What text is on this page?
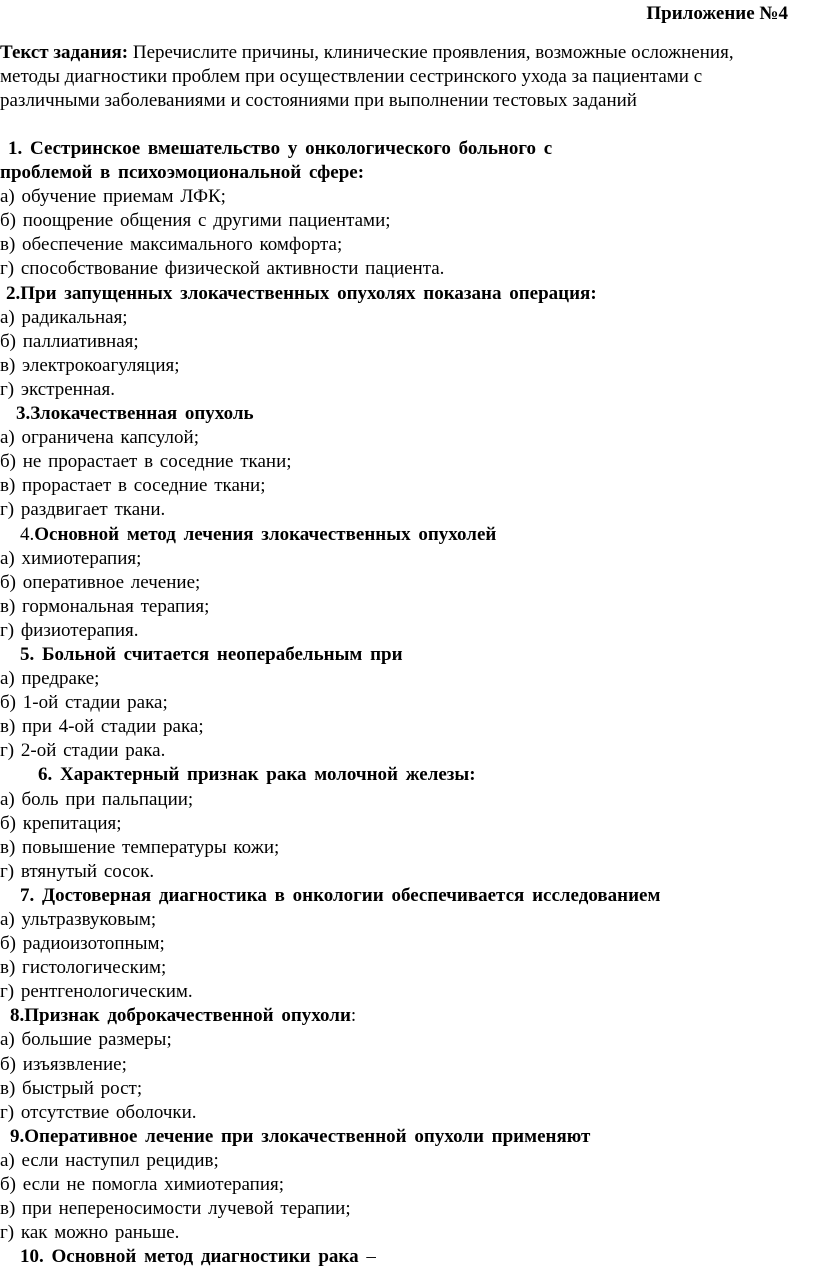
Приложение №4
Текст задания: Перечислите причины, клинические проявления, возможные осложнения, методы диагностики проблем при осуществлении сестринского ухода за пациентами с различными заболеваниями и состояниями при выполнении тестовых заданий
1. Сестринское вмешательство у онкологического больного с
проблемой в психоэмоциональной сфере:
а) обучение приемам ЛФК;
б) поощрение общения с другими пациентами;
в) обеспечение максимального комфорта;
г) способствование физической активности пациента.
2.При запущенных злокачественных опухолях показана операция:
а) радикальная;
б) паллиативная;
в) электрокоагуляция;
г) экстренная.
3.Злокачественная опухоль
а) ограничена капсулой;
б) не прорастает в соседние ткани;
в) прорастает в соседние ткани;
г) раздвигает ткани.
4.Основной метод лечения злокачественных опухолей
а) химиотерапия;
б) оперативное лечение;
в) гормональная терапия;
г) физиотерапия.
5. Больной считается неоперабельным при
а) предраке;
б) 1-ой стадии рака;
в) при 4-ой стадии рака;
г) 2-ой стадии рака.
6. Характерный признак рака молочной железы:
а) боль при пальпации;
б) крепитация;
в) повышение температуры кожи;
г) втянутый сосок.
7. Достоверная диагностика в онкологии обеспечивается исследованием
а) ультразвуковым;
б) радиоизотопным;
в) гистологическим;
г) рентгенологическим.
8.Признак доброкачественной опухоли:
а) большие размеры;
б) изъязвление;
в) быстрый рост;
г) отсутствие оболочки.
9.Оперативное лечение при злокачественной опухоли применяют
а) если наступил рецидив;
б) если не помогла химиотерапия;
в) при непереносимости лучевой терапии;
г) как можно раньше.
10. Основной метод диагностики рака –
